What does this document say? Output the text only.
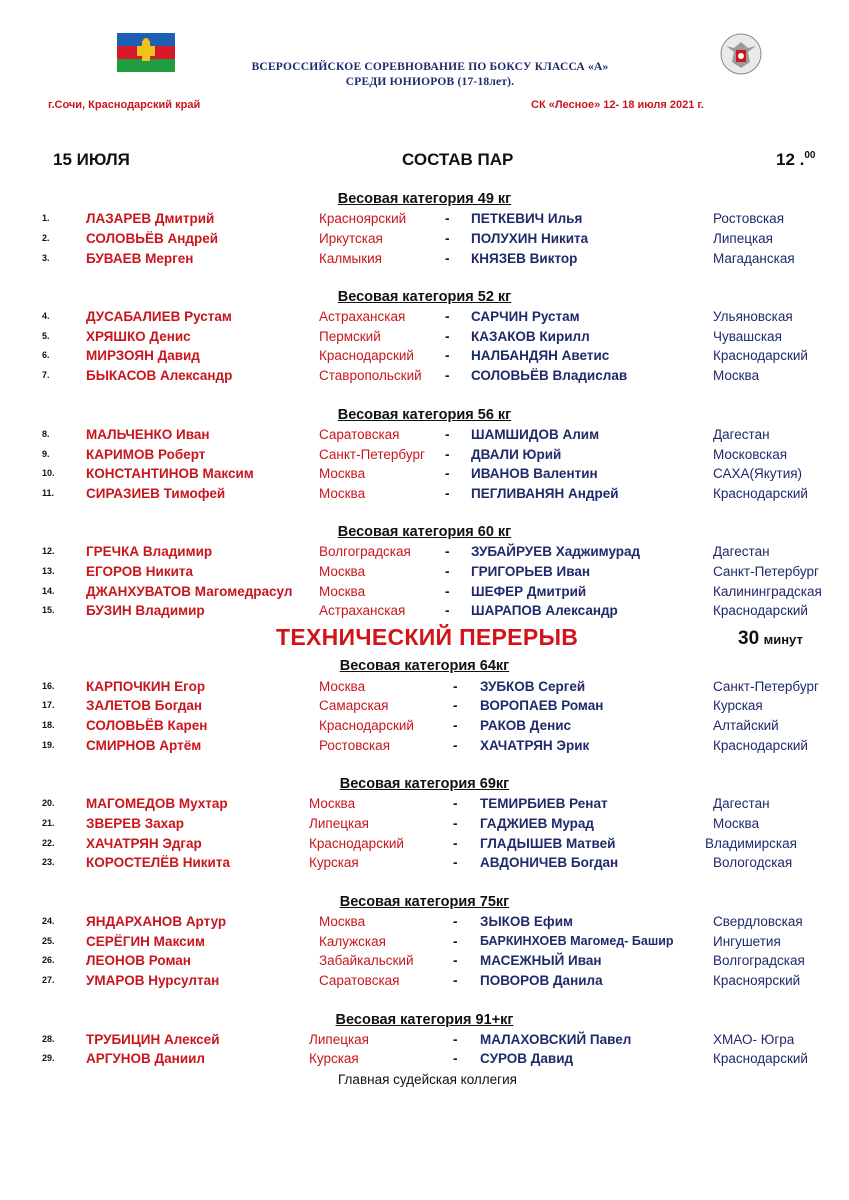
ВСЕРОССИЙСКОЕ СОРЕВНОВАНИЕ ПО БОКСУ КЛАССА «А»
СРЕДИ ЮНИОРОВ (17-18лет).
г.Сочи, Краснодарский край	СК «Лесное» 12- 18 июля 2021 г.
15 ИЮЛЯ	СОСТАВ ПАР	12 .$^{00}$
Весовая категория 49 кг
1.	ЛАЗАРЕВ Дмитрий	Красноярский	- ПЕТКЕВИЧ Илья	Ростовская
2.	СОЛОВЬЁВ Андрей	Иркутская	- ПОЛУХИН Никита	Липецкая
3.	БУВАЕВ Мерген	Калмыкия	- КНЯЗЕВ Виктор	Магаданская
Весовая категория 52 кг
4.	ДУСАБАЛИЕВ Рустам	Астраханская	- САРЧИН Рустам	Ульяновская
5.	ХРЯШКО Денис	Пермский	- КАЗАКОВ Кирилл	Чувашская
6.	МИРЗОЯН Давид	Краснодарский - НАЛБАНДЯН Аветис	Краснодарский
7.	БЫКАСОВ Александр	Ставропольский - СОЛОВЬЁВ Владислав	Москва
Весовая категория 56 кг
8.	МАЛЬЧЕНКО Иван	Саратовская	- ШАМШИДОВ Алим	Дагестан
9.	КАРИМОВ Роберт	Санкт-Петербург - ДВАЛИ Юрий	Московская
10. КОНСТАНТИНОВ Максим	Москва	- ИВАНОВ Валентин	САХА(Якутия)
11. СИРАЗИЕВ Тимофей	Москва	- ПЕГЛИВАНЯН Андрей	Краснодарский
Весовая категория 60 кг
12. ГРЕЧКА Владимир	Волгоградская	- ЗУБАЙРУЕВ Хаджимурад	Дагестан
13. ЕГОРОВ Никита	Москва	- ГРИГОРЬЕВ Иван	Санкт-Петербург
14. ДЖАНХУВАТОВ Магомедрасул Москва	- ШЕФЕР Дмитрий	Калининградская
15. БУЗИН Владимир	Астраханская	- ШАРАПОВ Александр	Краснодарский
ТЕХНИЧЕСКИЙ ПЕРЕРЫВ	30 минут
Весовая категория 64кг
16. КАРПОЧКИН Егор	Москва	- ЗУБКОВ Сергей	Санкт-Петербург
17. ЗАЛЕТОВ Богдан	Самарская	- ВОРОПАЕВ Роман	Курская
18. СОЛОВЬЁВ Карен	Краснодарский	- РАКОВ Денис	Алтайский
19. СМИРНОВ Артём	Ростовская	- ХАЧАТРЯН Эрик	Краснодарский
Весовая категория 69кг
20. МАГОМЕДОВ Мухтар	Москва	- ТЕМИРБИЕВ Ренат	Дагестан
21. ЗВЕРЕВ Захар	Липецкая	- ГАДЖИЕВ Мурад	Москва
22. ХАЧАТРЯН Эдгар	Краснодарский	- ГЛАДЫШЕВ Матвей	Владимирская
23. КОРОСТЕЛЁВ Никита	Курская	- АВДОНИЧЕВ Богдан	Вологодская
Весовая категория 75кг
24. ЯНДАРХАНОВ Артур	Москва	- ЗЫКОВ Ефим	Свердловская
25. СЕРЁГИН Максим	Калужская	- БАРКИНХОЕВ Магомед- Башир	Ингушетия
26. ЛЕОНОВ Роман	Забайкальский	- МАСЕЖНЫЙ Иван	Волгоградская
27. УМАРОВ Нурсултан	Саратовская	- ПОВОРОВ Данила	Красноярский
Весовая категория 91+кг
28. ТРУБИЦИН Алексей	Липецкая	- МАЛАХОВСКИЙ Павел	ХМАО- Югра
29. АРГУНОВ Даниил	Курская	- СУРОВ Давид	Краснодарский
Главная судейская коллегия
